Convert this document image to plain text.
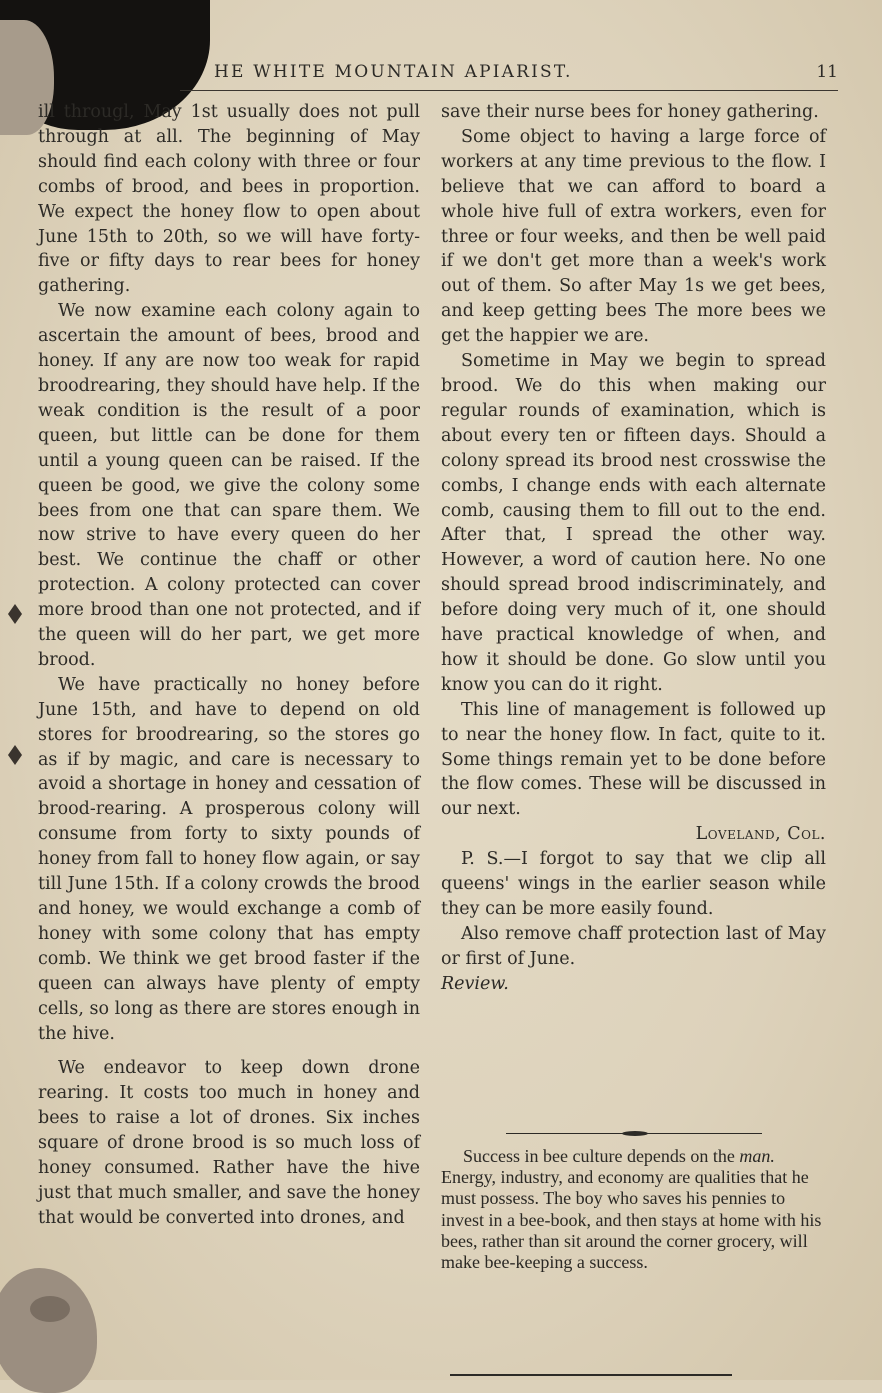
HE WHITE MOUNTAIN APIARIST.	11

ill througl, May 1st usually does not pull through at all. The beginning of May should find each colony with three or four combs of brood, and bees in proportion. We expect the honey flow to open about June 15th to 20th, so we will have forty-five or fifty days to rear bees for honey gathering.

We now examine each colony again to ascertain the amount of bees, brood and honey. If any are now too weak for rapid broodrearing, they should have help. If the weak condition is the result of a poor queen, but little can be done for them until a young queen can be raised. If the queen be good, we give the colony some bees from one that can spare them. We now strive to have every queen do her best. We continue the chaff or other protection. A colony protected can cover more brood than one not protected, and if the queen will do her part, we get more brood.

We have practically no honey before June 15th, and have to depend on old stores for broodrearing, so the stores go as if by magic, and care is necessary to avoid a shortage in honey and cessation of brood-rearing. A prosperous colony will consume from forty to sixty pounds of honey from fall to honey flow again, or say till June 15th. If a colony crowds the brood and honey, we would exchange a comb of honey with some colony that has empty comb. We think we get brood faster if the queen can always have plenty of empty cells, so long as there are stores enough in the hive.

We endeavor to keep down drone rearing. It costs too much in honey and bees to raise a lot of drones. Six inches square of drone brood is so much loss of honey consumed. Rather have the hive just that much smaller, and save the honey that would be converted into drones, and

save their nurse bees for honey gathering.

Some object to having a large force of workers at any time previous to the flow. I believe that we can afford to board a whole hive full of extra workers, even for three or four weeks, and then be well paid if we don't get more than a week's work out of them. So after May 1s we get bees, and keep getting bees The more bees we get the happier we are.

Sometime in May we begin to spread brood. We do this when making our regular rounds of examination, which is about every ten or fifteen days. Should a colony spread its brood nest crosswise the combs, I change ends with each alternate comb, causing them to fill out to the end. After that, I spread the other way. However, a word of caution here. No one should spread brood indiscriminately, and before doing very much of it, one should have practical knowledge of when, and how it should be done. Go slow until you know you can do it right.

This line of management is followed up to near the honey flow. In fact, quite to it. Some things remain yet to be done before the flow comes. These will be discussed in our next.

Loveland, Col.

P. S.—I forgot to say that we clip all queens' wings in the earlier season while they can be more easily found.

Also remove chaff protection last of May or first of June.

Review.

Success in bee culture depends on the man. Energy, industry, and economy are qualities that he must possess. The boy who saves his pennies to invest in a bee-book, and then stays at home with his bees, rather than sit around the corner grocery, will make bee-keeping a success.
